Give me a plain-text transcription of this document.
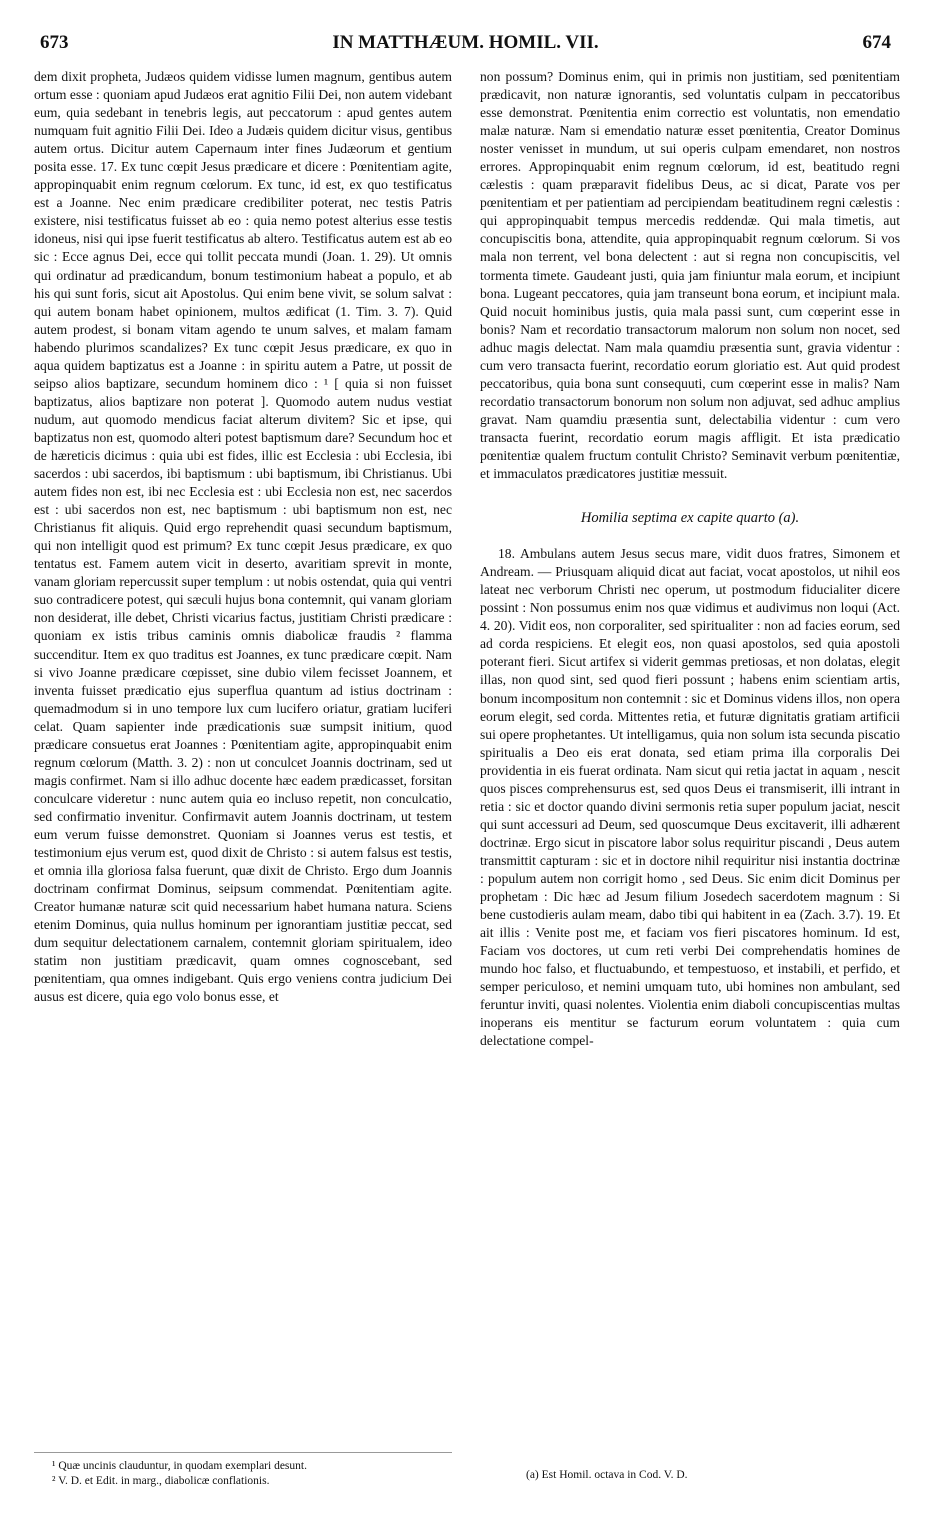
673	IN MATTHÆUM. HOMIL. VII.	674

dem dixit propheta, Judæos quidem vidisse lumen magnum, gentibus autem ortum esse : quoniam apud Judæos erat agnitio Filii Dei, non autem videbant eum, quia sedebant in tenebris legis, aut peccatorum : apud gentes autem numquam fuit agnitio Filii Dei. Ideo a Judæis quidem dicitur visus, gentibus autem ortus. Dicitur autem Capernaum inter fines Judæorum et gentium posita esse. 17. Ex tunc cœpit Jesus prædicare et dicere : Pœnitentiam agite, appropinquabit enim regnum cœlorum. Ex tunc, id est, ex quo testificatus est a Joanne. Nec enim prædicare credibiliter poterat, nec testis Patris existere, nisi testificatus fuisset ab eo : quia nemo potest alterius esse testis idoneus, nisi qui ipse fuerit testificatus ab altero. Testificatus autem est ab eo sic : Ecce agnus Dei, ecce qui tollit peccata mundi (Joan. 1. 29). Ut omnis qui ordinatur ad prædicandum, bonum testimonium habeat a populo, et ab his qui sunt foris, sicut ait Apostolus. Qui enim bene vivit, se solum salvat : qui autem bonam habet opinionem, multos ædificat (1. Tim. 3. 7). Quid autem prodest, si bonam vitam agendo te unum salves, et malam famam habendo plurimos scandalizes? Ex tunc cœpit Jesus prædicare, ex quo in aqua quidem baptizatus est a Joanne : in spiritu autem a Patre, ut possit de seipso alios baptizare, secundum hominem dico : ¹ [ quia si non fuisset baptizatus, alios baptizare non poterat ]. Quomodo autem nudus vestiat nudum, aut quomodo mendicus faciat alterum divitem? Sic et ipse, qui baptizatus non est, quomodo alteri potest baptismum dare? Secundum hoc et de hæreticis dicimus : quia ubi est fides, illic est Ecclesia : ubi Ecclesia, ibi sacerdos : ubi sacerdos, ibi baptismum : ubi baptismum, ibi Christianus. Ubi autem fides non est, ibi nec Ecclesia est : ubi Ecclesia non est, nec sacerdos est : ubi sacerdos non est, nec baptismum : ubi baptismum non est, nec Christianus fit aliquis. Quid ergo reprehendit quasi secundum baptismum, qui non intelligit quod est primum? Ex tunc cœpit Jesus prædicare, ex quo tentatus est. Famem autem vicit in deserto, avaritiam sprevit in monte, vanam gloriam repercussit super templum : ut nobis ostendat, quia qui ventri suo contradicere potest, qui sæculi hujus bona contemnit, qui vanam gloriam non desiderat, ille debet, Christi vicarius factus, justitiam Christi prædicare : quoniam ex istis tribus caminis omnis diabolicæ fraudis ² flamma succenditur. Item ex quo traditus est Joannes, ex tunc prædicare cœpit. Nam si vivo Joanne prædicare cœpisset, sine dubio vilem fecisset Joannem, et inventa fuisset prædicatio ejus superflua quantum ad istius doctrinam : quemadmodum si in uno tempore lux cum lucifero oriatur, gratiam luciferi celat. Quam sapienter inde prædicationis suæ sumpsit initium, quod prædicare consuetus erat Joannes : Pœnitentiam agite, appropinquabit enim regnum cœlorum (Matth. 3. 2) : non ut conculcet Joannis doctrinam, sed ut magis confirmet. Nam si illo adhuc docente hæc eadem prædicasset, forsitan conculcare videretur : nunc autem quia eo incluso repetit, non conculcatio, sed confirmatio invenitur. Confirmavit autem Joannis doctrinam, ut testem eum verum fuisse demonstret. Quoniam si Joannes verus est testis, et testimonium ejus verum est, quod dixit de Christo : si autem falsus est testis, et omnia illa gloriosa falsa fuerunt, quæ dixit de Christo. Ergo dum Joannis doctrinam confirmat Dominus, seipsum commendat. Pœnitentiam agite. Creator humanæ naturæ scit quid necessarium habet humana natura. Sciens etenim Dominus, quia nullus hominum per ignorantiam justitiæ peccat, sed dum sequitur delectationem carnalem, contemnit gloriam spiritualem, ideo statim non justitiam prædicavit, quam omnes cognoscebant, sed pœnitentiam, qua omnes indigebant. Quis ergo veniens contra judicium Dei ausus est dicere, quia ego volo bonus esse, et

non possum? Dominus enim, qui in primis non justitiam, sed pœnitentiam prædicavit, non naturæ ignorantis, sed voluntatis culpam in peccatoribus esse demonstrat. Pœnitentia enim correctio est voluntatis, non emendatio malæ naturæ. Nam si emendatio naturæ esset pœnitentia, Creator Dominus noster venisset in mundum, ut sui operis culpam emendaret, non nostros errores. Appropinquabit enim regnum cœlorum, id est, beatitudo regni cælestis : quam præparavit fidelibus Deus, ac si dicat, Parate vos per pœnitentiam et per patientiam ad percipiendam beatitudinem regni cælestis : qui appropinquabit tempus mercedis reddendæ. Qui mala timetis, aut concupiscitis bona, attendite, quia appropinquabit regnum cœlorum. Si vos mala non terrent, vel bona delectent : aut si regna non concupiscitis, vel tormenta timete. Gaudeant justi, quia jam finiuntur mala eorum, et incipiunt bona. Lugeant peccatores, quia jam transeunt bona eorum, et incipiunt mala. Quid nocuit hominibus justis, quia mala passi sunt, cum cœperint esse in bonis? Nam et recordatio transactorum malorum non solum non nocet, sed adhuc magis delectat. Nam mala quamdiu præsentia sunt, gravia videntur : cum vero transacta fuerint, recordatio eorum gloriatio est. Aut quid prodest peccatoribus, quia bona sunt consequuti, cum cœperint esse in malis? Nam recordatio transactorum bonorum non solum non adjuvat, sed adhuc amplius gravat. Nam quamdiu præsentia sunt, delectabilia videntur : cum vero transacta fuerint, recordatio eorum magis affligit. Et ista prædicatio pœnitentiæ qualem fructum contulit Christo? Seminavit verbum pœnitentiæ, et immaculatos prædicatores justitiæ messuit.

Homilia septima ex capite quarto (a).

18. Ambulans autem Jesus secus mare, vidit duos fratres, Simonem et Andream. — Priusquam aliquid dicat aut faciat, vocat apostolos, ut nihil eos lateat nec verborum Christi nec operum, ut postmodum fiducialiter dicere possint : Non possumus enim nos quæ vidimus et audivimus non loqui (Act. 4. 20). Vidit eos, non corporaliter, sed spiritualiter : non ad facies eorum, sed ad corda respiciens. Et elegit eos, non quasi apostolos, sed quia apostoli poterant fieri. Sicut artifex si viderit gemmas pretiosas, et non dolatas, elegit illas, non quod sint, sed quod fieri possunt ; habens enim scientiam artis, bonum incompositum non contemnit : sic et Dominus videns illos, non opera eorum elegit, sed corda. Mittentes retia, et futuræ dignitatis gratiam artificii sui opere prophetantes. Ut intelligamus, quia non solum ista secunda piscatio spiritualis a Deo eis erat donata, sed etiam prima illa corporalis Dei providentia in eis fuerat ordinata. Nam sicut qui retia jactat in aquam , nescit quos pisces comprehensurus est, sed quos Deus ei transmiserit, illi intrant in retia : sic et doctor quando divini sermonis retia super populum jaciat, nescit qui sunt accessuri ad Deum, sed quoscumque Deus excitaverit, illi adhærent doctrinæ. Ergo sicut in piscatore labor solus requiritur piscandi , Deus autem transmittit capturam : sic et in doctore nihil requiritur nisi instantia doctrinæ : populum autem non corrigit homo , sed Deus. Sic enim dicit Dominus per prophetam : Dic hæc ad Jesum filium Josedech sacerdotem magnum : Si bene custodieris aulam meam, dabo tibi qui habitent in ea (Zach. 3.7). 19. Et ait illis : Venite post me, et faciam vos fieri piscatores hominum. Id est, Faciam vos doctores, ut cum reti verbi Dei comprehendatis homines de mundo hoc falso, et fluctuabundo, et tempestuoso, et instabili, et perfido, et semper periculoso, et nemini umquam tuto, ubi homines non ambulant, sed feruntur inviti, quasi nolentes. Violentia enim diaboli concupiscentias multas inoperans eis mentitur se facturum eorum voluntatem : quia cum delectatione compel-

¹ Quæ uncinis clauduntur, in quodam exemplari desunt.
² V. D. et Edit. in marg., diabolicæ conflationis.	(a) Est Homil. octava in Cod. V. D.
